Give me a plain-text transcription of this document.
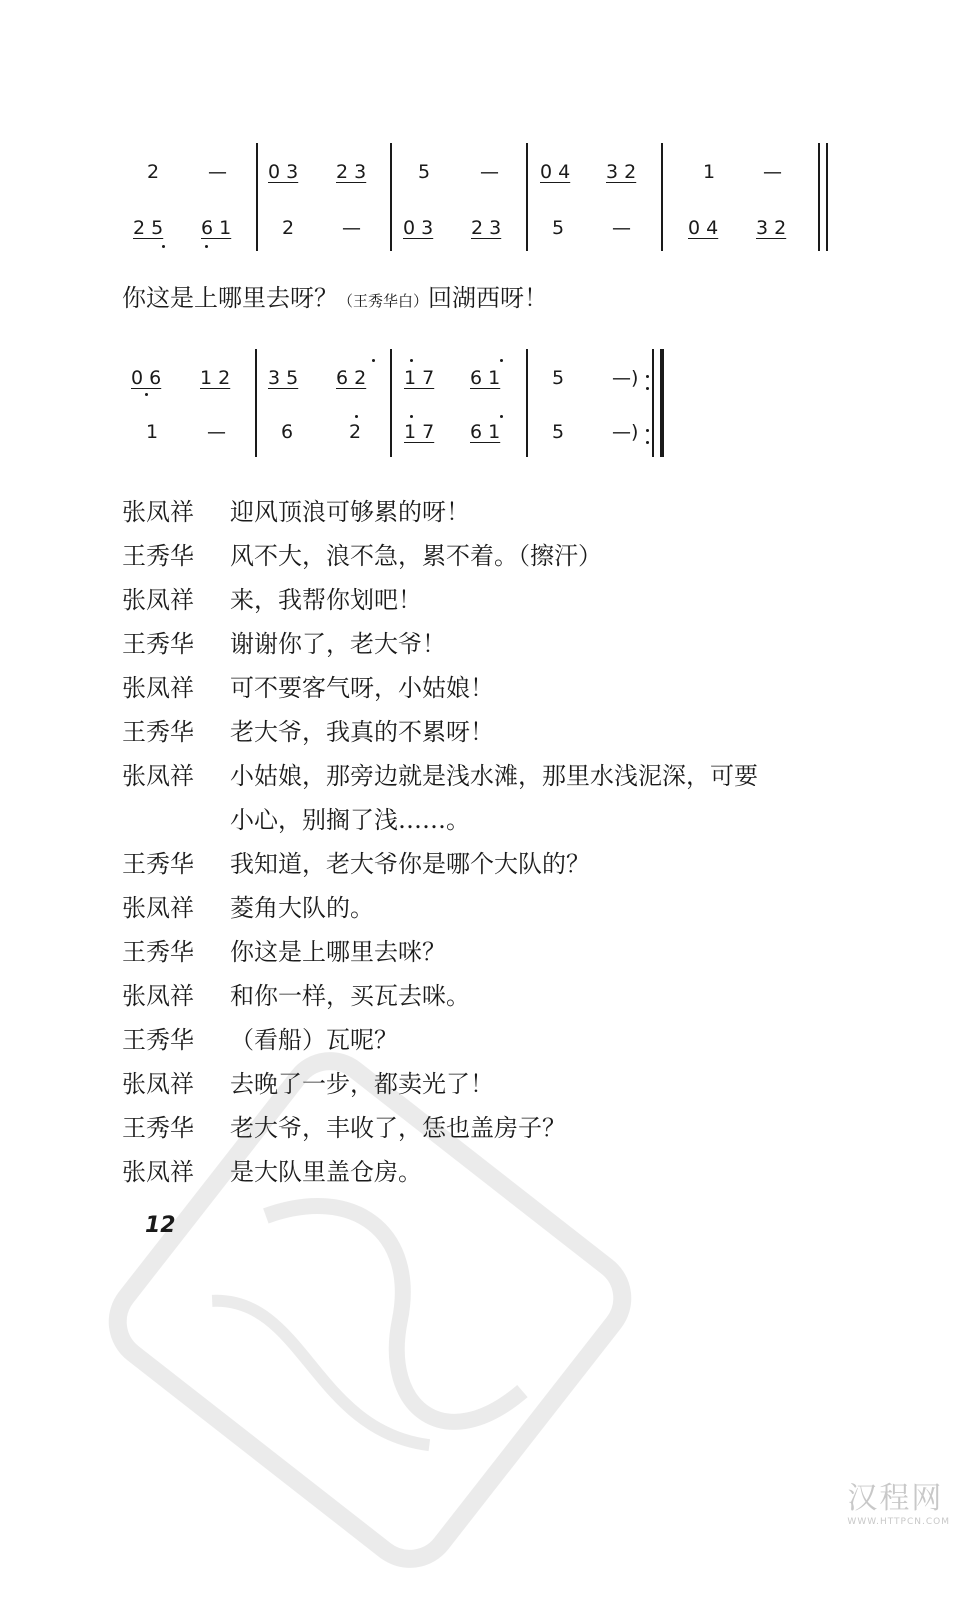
2	— 0 3 2 3	5	— 0 4 3 2	1	—
2 5 6 1	2	— 0 3 2 3	5	—	0 4 3 2
你这是上哪里去呀？（王秀华白）回湖西呀！
0 6 1 2 3 5 6 2 1 7 6 1	5	—)
1	—	6	2 1 7 6 1	5	—)
张凤祥	迎风顶浪可够累的呀！
王秀华	风不大，浪不急，累不着。（擦汗）
张凤祥	来，我帮你划吧！
王秀华	谢谢你了，老大爷！
张凤祥	可不要客气呀，小姑娘！
王秀华	老大爷，我真的不累呀！
张凤祥	小姑娘，那旁边就是浅水滩，那里水浅泥深，可要
小心，别搁了浅……。
王秀华	我知道，老大爷你是哪个大队的？
张凤祥	菱角大队的。
王秀华	你这是上哪里去咪？
张凤祥	和你一样，买瓦去咪。
王秀华	（看船）瓦呢？
张凤祥	去晚了一步，都卖光了！
王秀华	老大爷，丰收了，恁也盖房子？
张凤祥	是大队里盖仓房。
12
汉程网
WWW.HTTPCN.COM
